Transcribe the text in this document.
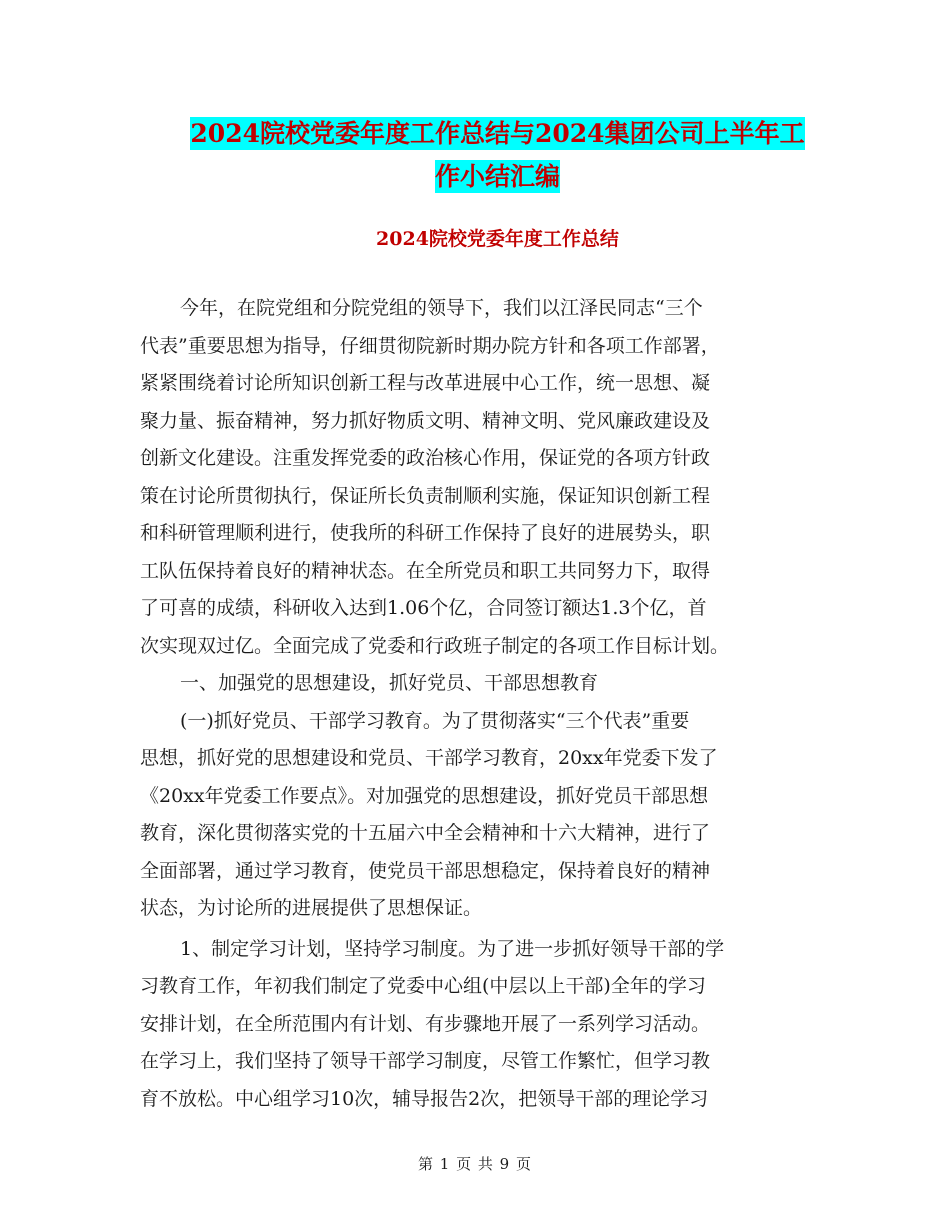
2024院校党委年度工作总结与2024集团公司上半年工
作小结汇编
2024院校党委年度工作总结
今年，在院党组和分院党组的领导下，我们以江泽民同志“三个
代表”重要思想为指导，仔细贯彻院新时期办院方针和各项工作部署，
紧紧围绕着讨论所知识创新工程与改革进展中心工作，统一思想、凝
聚力量、振奋精神，努力抓好物质文明、精神文明、党风廉政建设及
创新文化建设。注重发挥党委的政治核心作用，保证党的各项方针政
策在讨论所贯彻执行，保证所长负责制顺利实施，保证知识创新工程
和科研管理顺利进行，使我所的科研工作保持了良好的进展势头，职
工队伍保持着良好的精神状态。在全所党员和职工共同努力下，取得
了可喜的成绩，科研收入达到1.06个亿，合同签订额达1.3个亿，首
次实现双过亿。全面完成了党委和行政班子制定的各项工作目标计划。
一、加强党的思想建设，抓好党员、干部思想教育
(一)抓好党员、干部学习教育。为了贯彻落实“三个代表”重要
思想，抓好党的思想建设和党员、干部学习教育，20xx年党委下发了
《20xx年党委工作要点》。对加强党的思想建设，抓好党员干部思想
教育，深化贯彻落实党的十五届六中全会精神和十六大精神，进行了
全面部署，通过学习教育，使党员干部思想稳定，保持着良好的精神
状态，为讨论所的进展提供了思想保证。
1、制定学习计划，坚持学习制度。为了进一步抓好领导干部的学
习教育工作，年初我们制定了党委中心组(中层以上干部)全年的学习
安排计划，在全所范围内有计划、有步骤地开展了一系列学习活动。
在学习上，我们坚持了领导干部学习制度，尽管工作繁忙，但学习教
育不放松。中心组学习10次，辅导报告2次，把领导干部的理论学习
第 1 页 共 9 页
